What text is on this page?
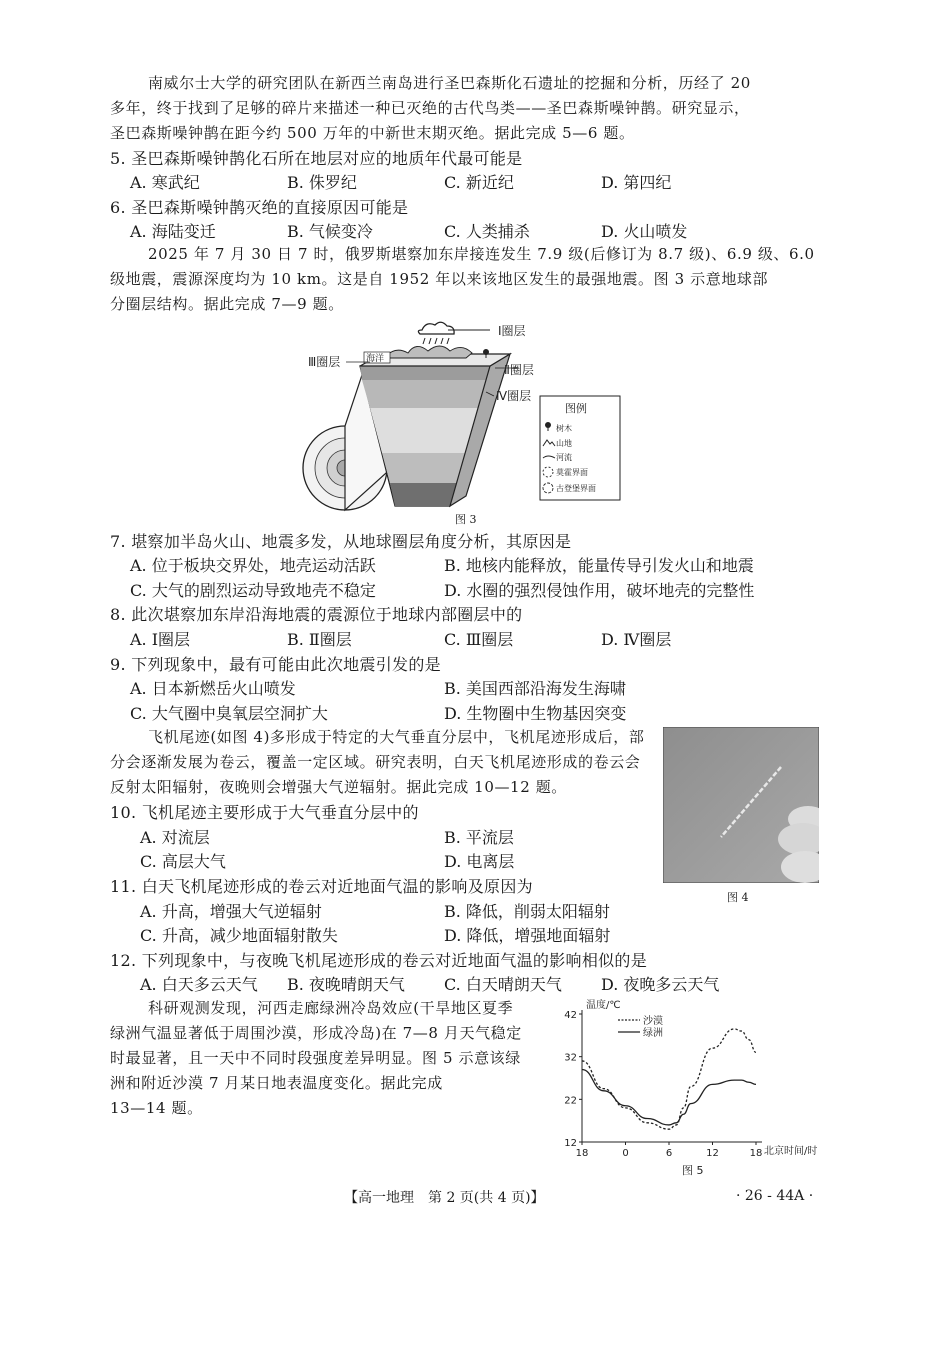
南威尔士大学的研究团队在新西兰南岛进行圣巴森斯化石遗址的挖掘和分析，历经了 20
多年，终于找到了足够的碎片来描述一种已灭绝的古代鸟类——圣巴森斯噪钟鹊。研究显示，
圣巴森斯噪钟鹊在距今约 500 万年的中新世末期灭绝。据此完成 5—6 题。
5. 圣巴森斯噪钟鹊化石所在地层对应的地质年代最可能是
A. 寒武纪	B. 侏罗纪	C. 新近纪	D. 第四纪
6. 圣巴森斯噪钟鹊灭绝的直接原因可能是
A. 海陆变迁	B. 气候变冷	C. 人类捕杀	D. 火山喷发
2025 年 7 月 30 日 7 时，俄罗斯堪察加东岸接连发生 7.9 级(后修订为 8.7 级)、6.9 级、6.0
级地震，震源深度均为 10 km。这是自 1952 年以来该地区发生的最强地震。图 3 示意地球部
分圈层结构。据此完成 7—9 题。
Ⅰ圈层
海洋
Ⅲ圈层
Ⅱ圈层
Ⅳ圈层
图例
树木
山地
河流
莫霍界面
古登堡界面
图 3
7. 堪察加半岛火山、地震多发，从地球圈层角度分析，其原因是
A. 位于板块交界处，地壳运动活跃	B. 地核内能释放，能量传导引发火山和地震
C. 大气的剧烈运动导致地壳不稳定	D. 水圈的强烈侵蚀作用，破坏地壳的完整性
8. 此次堪察加东岸沿海地震的震源位于地球内部圈层中的
A. Ⅰ圈层	B. Ⅱ圈层	C. Ⅲ圈层	D. Ⅳ圈层
9. 下列现象中，最有可能由此次地震引发的是
A. 日本新燃岳火山喷发	B. 美国西部沿海发生海啸
C. 大气圈中臭氧层空洞扩大	D. 生物圈中生物基因突变
飞机尾迹(如图 4)多形成于特定的大气垂直分层中，飞机尾迹形成后，部
分会逐渐发展为卷云，覆盖一定区域。研究表明，白天飞机尾迹形成的卷云会
反射太阳辐射，夜晚则会增强大气逆辐射。据此完成 10—12 题。
图 4
10. 飞机尾迹主要形成于大气垂直分层中的
A. 对流层	B. 平流层
C. 高层大气	D. 电离层
11. 白天飞机尾迹形成的卷云对近地面气温的影响及原因为
A. 升高，增强大气逆辐射	B. 降低，削弱太阳辐射
C. 升高，减少地面辐射散失	D. 降低，增强地面辐射
12. 下列现象中，与夜晚飞机尾迹形成的卷云对近地面气温的影响相似的是
A. 白天多云天气 B. 夜晚晴朗天气 C. 白天晴朗天气 D. 夜晚多云天气
科研观测发现，河西走廊绿洲冷岛效应(干旱地区夏季
绿洲气温显著低于周围沙漠，形成冷岛)在 7—8 月天气稳定
时最显著，且一天中不同时段强度差异明显。图 5 示意该绿
洲和附近沙漠 7 月某日地表温度变化。据此完成
13—14 题。
12
22
32
42
18	0	6	12	18
沙漠
绿洲
温度/℃
北京时间/时
图 5
【高一地理　第 2 页(共 4 页)】	· 26 - 44A ·
